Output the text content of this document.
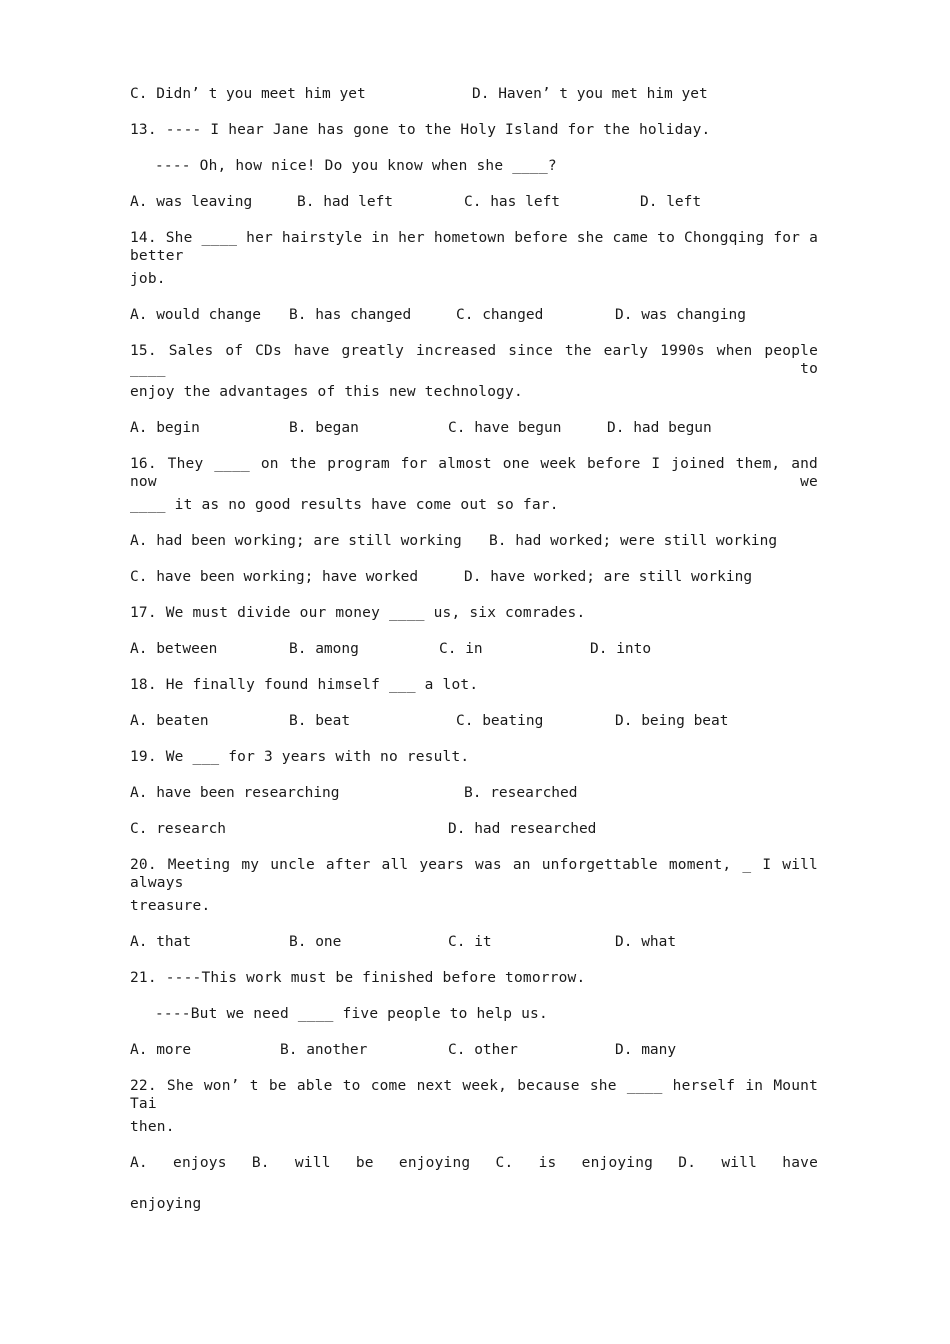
C. Didn’ t you meet him yet	D. Haven’ t you met him yet
13. ---- I hear Jane has gone to the Holy Island for the holiday.
---- Oh, how nice! Do you know when she ____?
A. was leaving	B. had left	C. has left	D. left
14. She ____ her hairstyle in her hometown before she came to Chongqing for a better
job.
A. would change B. has changed	C. changed	D. was changing
15. Sales of CDs have greatly increased since the early 1990s when people ____ to
enjoy the advantages of this new technology.
A. begin	B. began	C. have begun	D. had begun
16. They ____ on the program for almost one week before I joined them, and now we
____ it as no good results have come out so far.
A. had been working; are still working B. had worked; were still working
C. have been working; have worked	D. have worked; are still working
17. We must divide our money ____ us, six comrades.
A. between	B. among	C. in	D. into
18. He finally found himself ___ a lot.
A. beaten	B. beat	C. beating	D. being beat
19. We ___ for 3 years with no result.
A. have been researching	B. researched
C. research	D. had researched
20. Meeting my uncle after all years was an unforgettable moment, _ I will always
treasure.
A. that	B. one	C. it	D. what
21. ----This work must be finished before tomorrow.
----But we need ____ five people to help us.
A. more	B. another	C. other	D. many
22. She won’ t be able to come next week, because she ____ herself in Mount Tai
then.
A. enjoys B. will be enjoying C. is enjoying D. will have
enjoying
